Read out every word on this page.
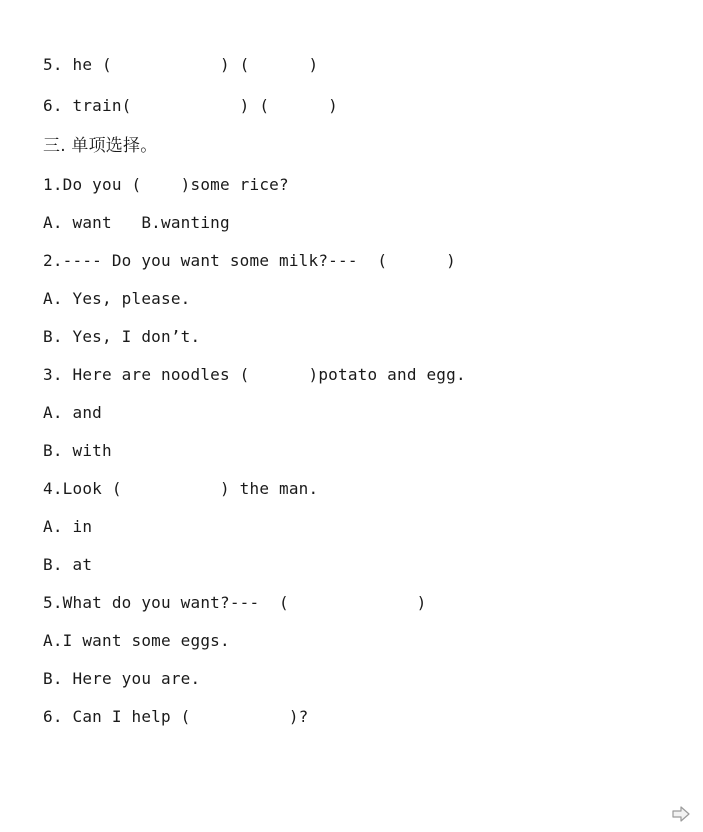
5. he (           ) (      )
6. train(           ) (      )
三. 单项选择。
1.Do you (    )some rice?
A. want   B.wanting
2.---- Do you want some milk?---  (      )
A. Yes, please.
B. Yes, I don’t.
3. Here are noodles (      )potato and egg.
A. and
B. with
4.Look (          ) the man.
A. in
B. at
5.What do you want?---  (             )
A.I want some eggs.
B. Here you are.
6. Can I help (          )?
